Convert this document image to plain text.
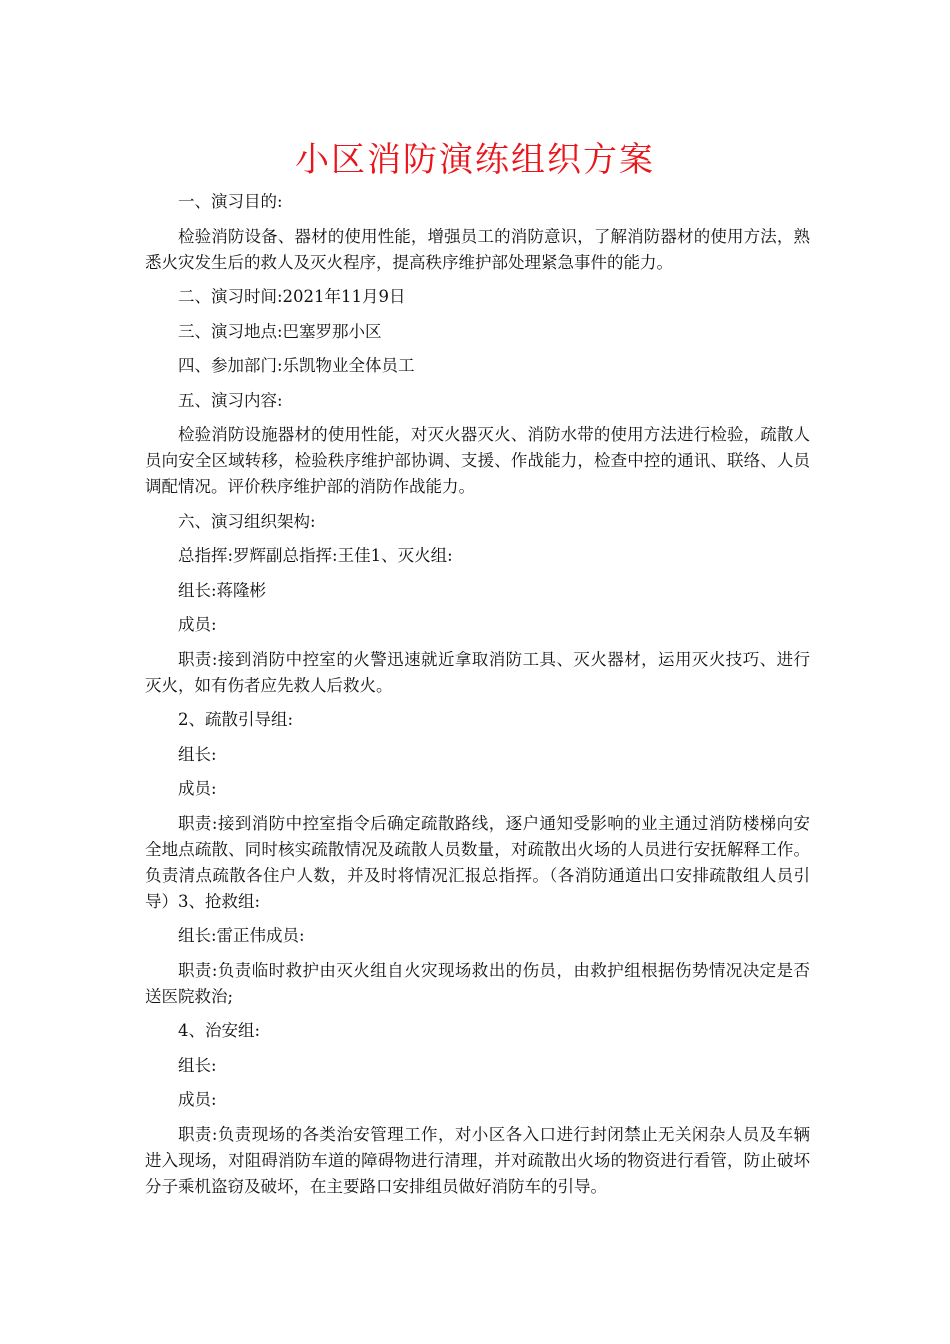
小区消防演练组织方案

一、演习目的:

检验消防设备、器材的使用性能，增强员工的消防意识，了解消防器材的使用方法，熟悉火灾发生后的救人及灭火程序，提高秩序维护部处理紧急事件的能力。

二、演习时间:2021年11月9日

三、演习地点:巴塞罗那小区

四、参加部门:乐凯物业全体员工

五、演习内容:

检验消防设施器材的使用性能，对灭火器灭火、消防水带的使用方法进行检验，疏散人员向安全区域转移，检验秩序维护部协调、支援、作战能力，检查中控的通讯、联络、人员调配情况。评价秩序维护部的消防作战能力。

六、演习组织架构:

总指挥:罗辉副总指挥:王佳1、灭火组:

组长:蒋隆彬

成员:

职责:接到消防中控室的火警迅速就近拿取消防工具、灭火器材，运用灭火技巧、进行灭火，如有伤者应先救人后救火。

2、疏散引导组:

组长:

成员:

职责:接到消防中控室指令后确定疏散路线，逐户通知受影响的业主通过消防楼梯向安全地点疏散、同时核实疏散情况及疏散人员数量，对疏散出火场的人员进行安抚解释工作。负责清点疏散各住户人数，并及时将情况汇报总指挥。（各消防通道出口安排疏散组人员引导）3、抢救组:

组长:雷正伟成员:

职责:负责临时救护由灭火组自火灾现场救出的伤员，由救护组根据伤势情况决定是否送医院救治;

4、治安组:

组长:

成员:

职责:负责现场的各类治安管理工作，对小区各入口进行封闭禁止无关闲杂人员及车辆进入现场，对阻碍消防车道的障碍物进行清理，并对疏散出火场的物资进行看管，防止破坏分子乘机盗窃及破坏，在主要路口安排组员做好消防车的引导。
